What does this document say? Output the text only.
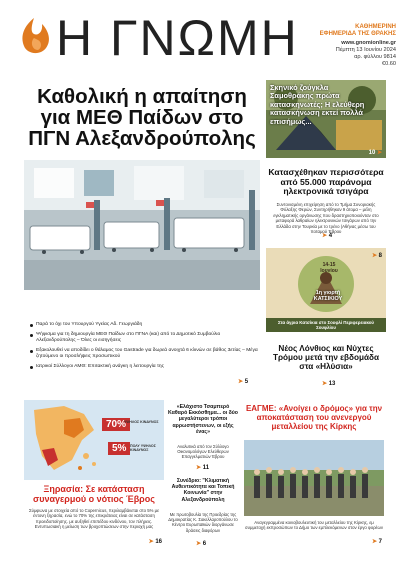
Η ΓΝΩΜΗ	ΚΑΘΗΜΕΡΙΝΗ
ΕΦΗΜΕΡΙΔΑ ΤΗΣ ΘΡΑΚΗΣ
www.gnomionline.gr
Πέμπτη 13 Ιουνίου 2024
αρ. φύλλου 9814
€0.60
Καθολική η απαίτηση για ΜΕΘ Παίδων στο ΠΓΝ Αλεξανδρούπολης
Παρά το όχι του Υπουργού Υγείας Αδ. Γεωργιάδη
Ψήφισμα για τη δημιουργία ΜΕΘ Παίδων στο ΠΓΝΑ (και) από το Δημοτικό Συμβούλιο Αλεξανδρούπολης – Όλες οι εισηγήσεις
Εξακολουθεί να αποδίδει ο θάλαμος του Gastrade για δωρεά ανοιχτά 6 κλινών σε βάθος 3ετίας – Μέγα ζητούμενο οι προσλήψεις προσωπικού
Ιατρικοί Σύλλογοι ΑΜΘ: Επιτακτική ανάγκη η λειτουργία της
➤ 5
Σκηνικό ζούγκλα Σαμοθράκης πρώτα κατασκηνωτές; Η ελεύθερη κατασκήνωση εκτεί πολλά επισήμως...
10 ➤
Κατασχέθηκαν περισσότερα από 55.000 παράνομα ηλεκτρονικά τσιγάρα
Συντονισμένη επιχείρηση από το Τμήμα Συνοριακής Φύλαξης Φερών, Συντηρήθηκαν 9 άτομα – μέλη εγκληματικής οργάνωσης που δραστηριοποιούνταν στο μεταφορά λαθραίων ηλεκτρονικών τσιγάρων από την Ελλάδα στην Τουρκία με το τρένο (Αθήνας μέσω του ποταμού Έβρου
➤ 4
14-15 Ιουνίου
1η γιορτή ΚΑΤΣΙΚΙΟΥ
Στα άγρια Κατσίκια στο Σουφλί Περιφερειακού Σουφλίου
➤ 8
Νέος Λόνθιος και Νύχτες Τρόμου μετά την εβδομάδα στα «Ηλύσια»
➤ 13
70%
ΥΨΗΛΟΣ ΚΙΝΔΥΝΟΣ
5% ΠΟΛΥ ΥΨΗΛΟΣ ΚΙΝΔΥΝΟΣ
Ξηρασία: Σε κατάσταση συναγερμού ο νότιος Έβρος
Σύμφωνα με στοιχεία από το Copernicus, περιλαμβάνεται στο 5% με έντονη ξηρασία, ενώ το 70% της επικράτειας είναι σε κατάσταση προειδοποίησης. με αυξηθεί επιπέδου κινδύνου, τον πλήρεις. Εντυπωσιακή η μείωση των βροχοπτώσεων στην περιοχή μας
➤ 16
«Ελάχιστο Τσαμπερό Καθαρό Εκκόσθημα... οι δύο μεγαλύτεροι τρόποι αρρωστήστενων, οι εξής ένας»
Αναλυτικά από τον Σύλλογο Οικονομολόγων Ελεύθερων Επαγγελματιών Έβρου
➤ 11
Συνέδριο: "Κλιματική Αυθεντικότητα και Τοπική Κοινωνία" στην Αλεξανδρούπολη
Με πρωτοβουλία της Προεδρίας της Δημοκρατίας Κ. Σακελλαροπούλου το Κέντρο Ευρωπαϊκών διοργάνωσε δράσεις διαφόρων
➤ 6
ΕΑΓΜΕ: «Ανοίγει ο δρόμος» για την αποκατάσταση του ανενεργού μεταλλείου της Κίρκης
Αναγεγραμμένα κοινοβουλευτική του μεταλλείου της Κίρκης, εμ συμμετοχή εκπροσώπων το Δήμο των εμπλεκόμενων στον έργο φορέων
➤ 7
